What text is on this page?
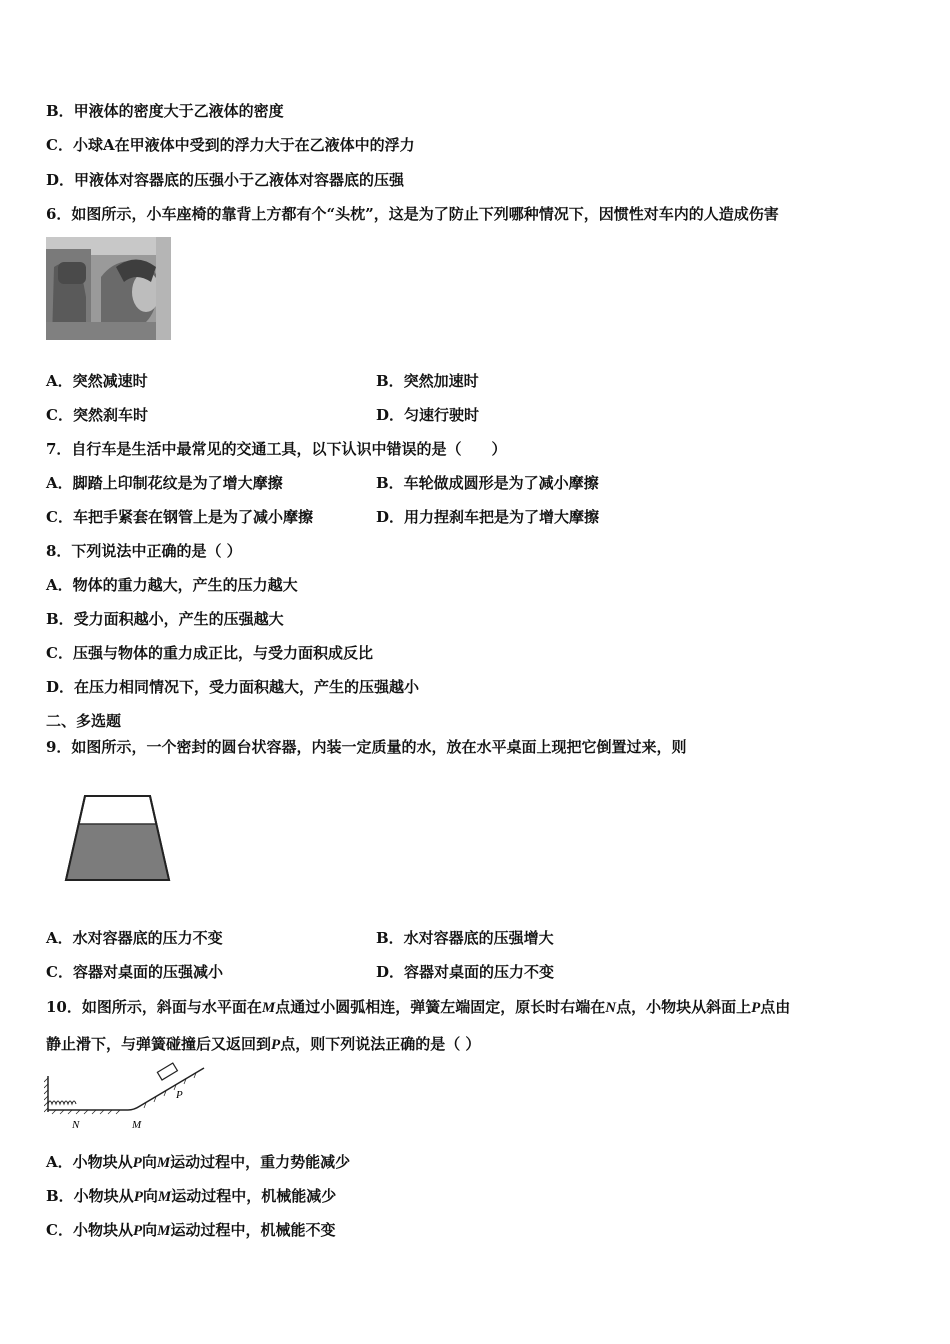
B．甲液体的密度大于乙液体的密度
C．小球A在甲液体中受到的浮力大于在乙液体中的浮力
D．甲液体对容器底的压强小于乙液体对容器底的压强
6．如图所示，小车座椅的靠背上方都有个“头枕”，这是为了防止下列哪种情况下，因惯性对车内的人造成伤害
A．突然减速时	B．突然加速时
C．突然刹车时	D．匀速行驶时
7．自行车是生活中最常见的交通工具，以下认识中错误的是（　　）
A．脚踏上印制花纹是为了增大摩擦	B．车轮做成圆形是为了减小摩擦
C．车把手紧套在钢管上是为了减小摩擦	D．用力捏刹车把是为了增大摩擦
8．下列说法中正确的是（ ）
A．物体的重力越大，产生的压力越大
B．受力面积越小，产生的压强越大
C．压强与物体的重力成正比，与受力面积成反比
D．在压力相同情况下，受力面积越大，产生的压强越小
二、多选题
9．如图所示，一个密封的圆台状容器，内装一定质量的水，放在水平桌面上现把它倒置过来，则
A．水对容器底的压力不变	B．水对容器底的压强增大
C．容器对桌面的压强减小	D．容器对桌面的压力不变
10．如图所示，斜面与水平面在M点通过小圆弧相连，弹簧左端固定，原长时右端在N点，小物块从斜面上P点由
静止滑下，与弹簧碰撞后又返回到P点，则下列说法正确的是（ ）
N	M
P
A．小物块从P向M运动过程中，重力势能减少
B．小物块从P向M运动过程中，机械能减少
C．小物块从P向M运动过程中，机械能不变
